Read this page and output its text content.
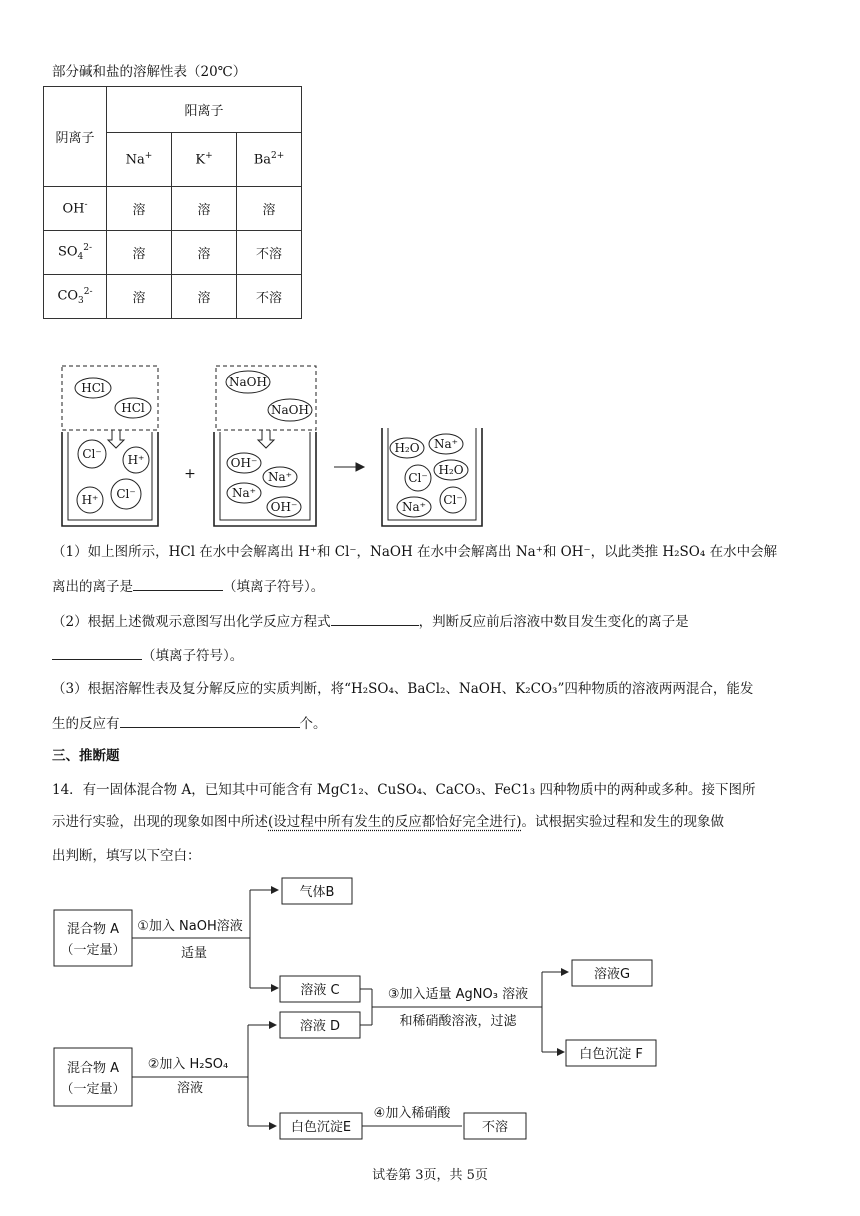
部分碱和盐的溶解性表（20℃）
阴离子	阳离子		
	Na+	K+	$Ba^{2+}$
OH-	溶	溶	溶
$SO_4^{2-}$	溶	溶	不溶
$CO_3^{2-}$	溶	溶	不溶
HCl
HCl
Cl⁻ H⁺
H⁺ Cl⁻
+
NaOH
NaOH
OH⁻
Na⁺
Na⁺
OH⁻
H₂O Na⁺
Cl⁻
H₂O
Na⁺ Cl⁻
（1）如上图所示，HCl 在水中会解离出 H⁺和 Cl⁻，NaOH 在水中会解离出 Na⁺和 OH⁻，以此类推 H₂SO₄ 在水中会解
离出的离子是	（填离子符号）。
（2）根据上述微观示意图写出化学反应方程式	，判断反应前后溶液中数目发生变化的离子是
（填离子符号）。
（3）根据溶解性表及复分解反应的实质判断，将“H₂SO₄、BaCl₂、NaOH、K₂CO₃”四种物质的溶液两两混合，能发
生的反应有	个。
三、推断题
14．有一固体混合物 A，已知其中可能含有 MgC1₂、CuSO₄、CaCO₃、FeC1₃ 四种物质中的两种或多种。接下图所
示进行实验，出现的现象如图中所述(设过程中所有发生的反应都恰好完全进行)。试根据实验过程和发生的现象做
出判断，填写以下空白：
混合物 A
（一定量）
①加入 NaOH溶液
适量
气体B
溶液 C
溶液 D
③加入适量 AgNO₃ 溶液
和稀硝酸溶液，过滤
溶液G
白色沉淀 F
混合物 A
（一定量）
②加入 H₂SO₄
溶液
白色沉淀E
④加入稀硝酸
不溶
试卷第 3页，共 5页
